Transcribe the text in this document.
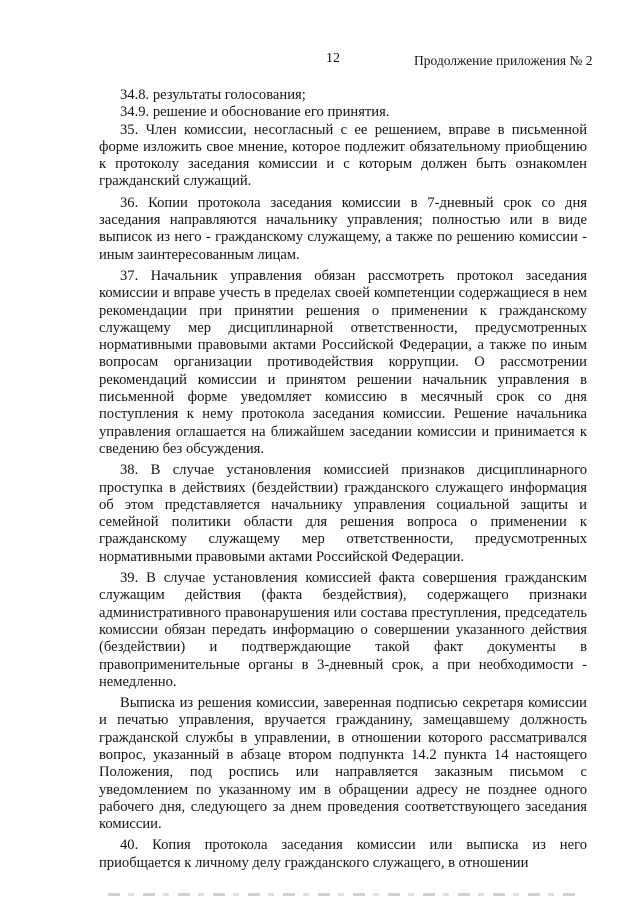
12	Продолжение приложения № 2

34.8. результаты голосования;

34.9. решение и обоснование его принятия.

35. Член комиссии, несогласный с ее решением, вправе в письменной форме изложить свое мнение, которое подлежит обязательному приобщению к протоколу заседания комиссии и с которым должен быть ознакомлен гражданский служащий.

36. Копии протокола заседания комиссии в 7-дневный срок со дня заседания направляются начальнику управления; полностью или в виде выписок из него - гражданскому служащему, а также по решению комиссии - иным заинтересованным лицам.

37. Начальник управления обязан рассмотреть протокол заседания комиссии и вправе учесть в пределах своей компетенции содержащиеся в нем рекомендации при принятии решения о применении к гражданскому служащему мер дисциплинарной ответственности, предусмотренных нормативными правовыми актами Российской Федерации, а также по иным вопросам организации противодействия коррупции. О рассмотрении рекомендаций комиссии и принятом решении начальник управления в письменной форме уведомляет комиссию в месячный срок со дня поступления к нему протокола заседания комиссии. Решение начальника управления оглашается на ближайшем заседании комиссии и принимается к сведению без обсуждения.

38. В случае установления комиссией признаков дисциплинарного проступка в действиях (бездействии) гражданского служащего информация об этом представляется начальнику управления социальной защиты и семейной политики области для решения вопроса о применении к гражданскому служащему мер ответственности, предусмотренных нормативными правовыми актами Российской Федерации.

39. В случае установления комиссией факта совершения гражданским служащим действия (факта бездействия), содержащего признаки административного правонарушения или состава преступления, председатель комиссии обязан передать информацию о совершении указанного действия (бездействии) и подтверждающие такой факт документы в правоприменительные органы в 3-дневный срок, а при необходимости - немедленно.

Выписка из решения комиссии, заверенная подписью секретаря комиссии и печатью управления, вручается гражданину, замещавшему должность гражданской службы в управлении, в отношении которого рассматривался вопрос, указанный в абзаце втором подпункта 14.2 пункта 14 настоящего Положения, под роспись или направляется заказным письмом с уведомлением по указанному им в обращении адресу не позднее одного рабочего дня, следующего за днем проведения соответствующего заседания комиссии.

40. Копия протокола заседания комиссии или выписка из него приобщается к личному делу гражданского служащего, в отношении
